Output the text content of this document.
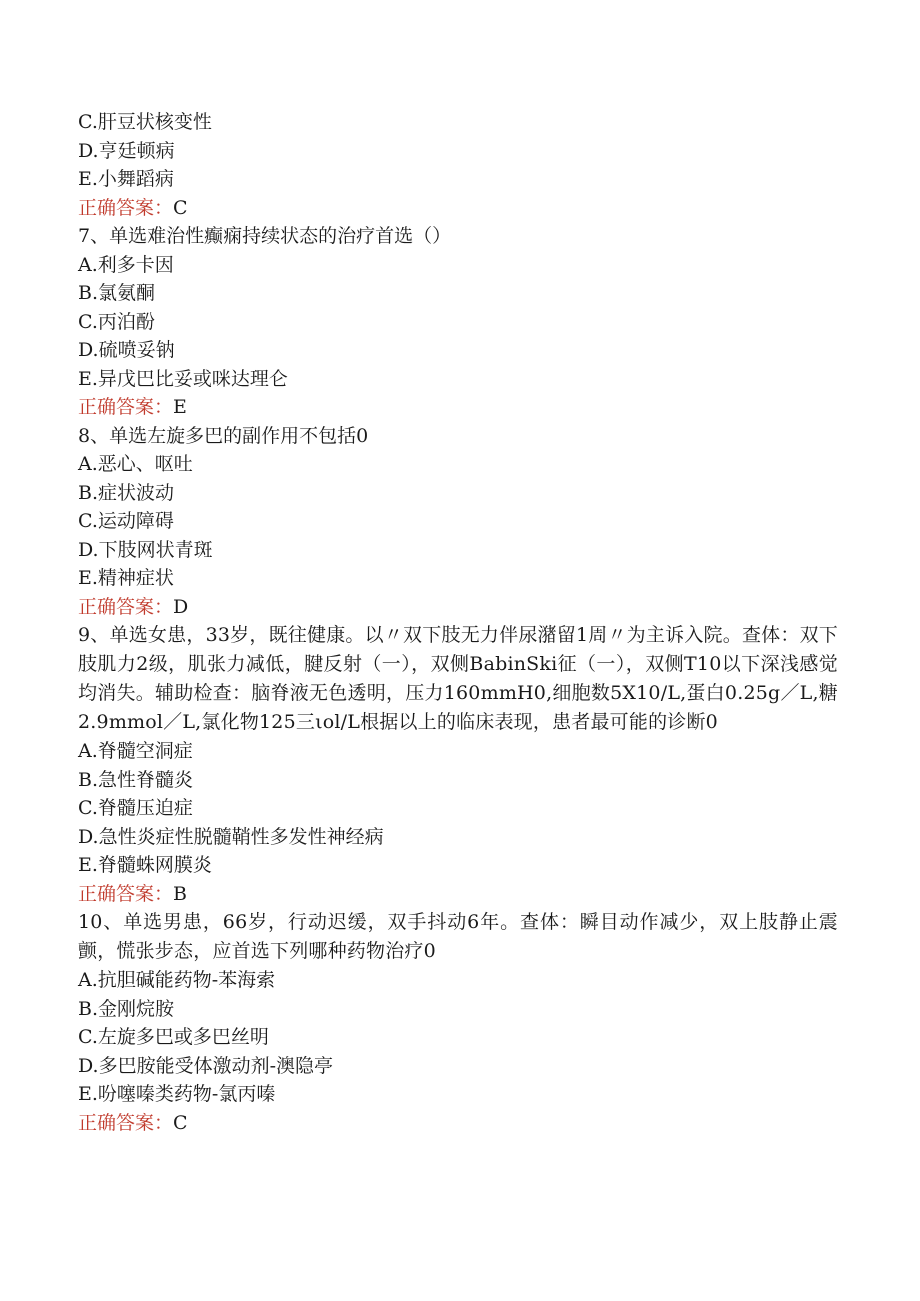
C.肝豆状核变性
D.亨廷顿病
E.小舞蹈病
正确答案：C
7、单选难治性癫痫持续状态的治疗首选（）
A.利多卡因
B.氯氨酮
C.丙泊酚
D.硫喷妥钠
E.异戊巴比妥或咪达理仑
正确答案：E
8、单选左旋多巴的副作用不包括0
A.恶心、呕吐
B.症状波动
C.运动障碍
D.下肢网状青斑
E.精神症状
正确答案：D
9、单选女患，33岁，既往健康。以〃双下肢无力伴尿潴留1周〃为主诉入院。查体：双下肢肌力2级，肌张力减低，腱反射（一），双侧BabinSki征（一），双侧T10以下深浅感觉均消失。辅助检查：脑脊液无色透明，压力160mmH0,细胞数5X10/L,蛋白0.25g／L,糖2.9mmol／L,氯化物125三ιol/L根据以上的临床表现，患者最可能的诊断0
A.脊髓空洞症
B.急性脊髓炎
C.脊髓压迫症
D.急性炎症性脱髓鞘性多发性神经病
E.脊髓蛛网膜炎
正确答案：B
10、单选男患，66岁，行动迟缓，双手抖动6年。查体：瞬目动作减少，双上肢静止震颤，慌张步态，应首选下列哪种药物治疗0
A.抗胆碱能药物-苯海索
B.金刚烷胺
C.左旋多巴或多巴丝明
D.多巴胺能受体激动剂-澳隐亭
E.吩噻嗪类药物-氯丙嗪
正确答案：C
